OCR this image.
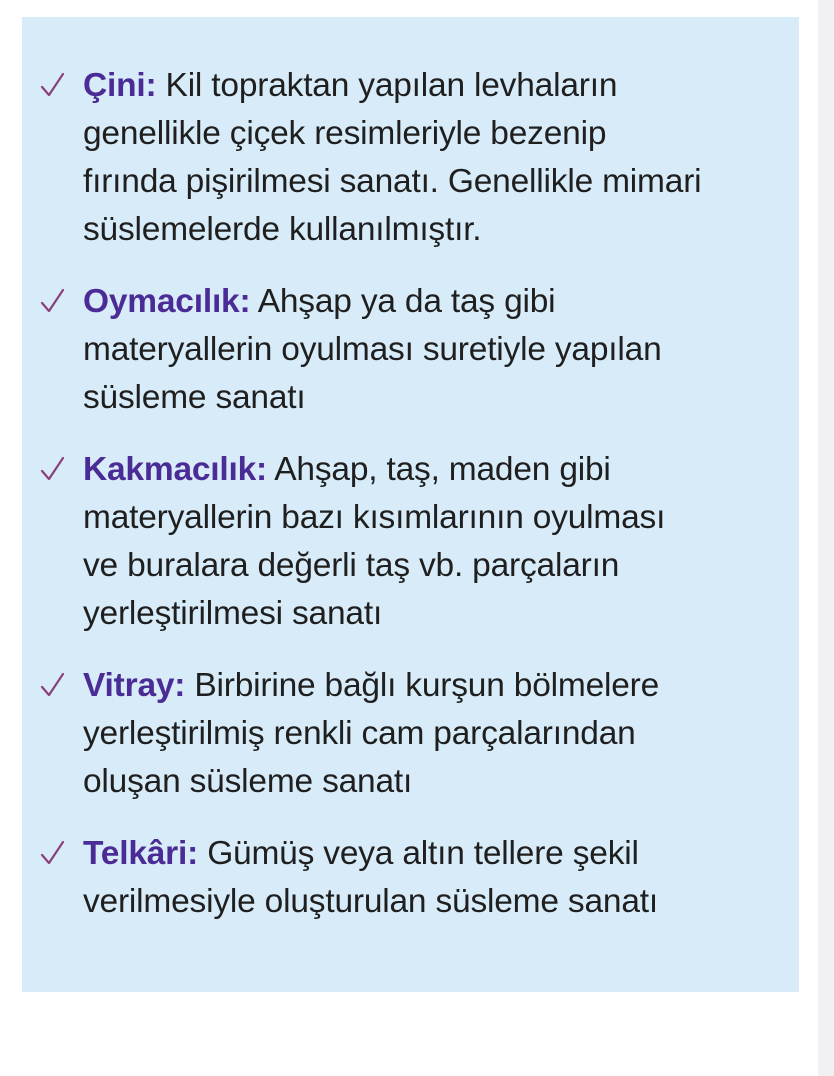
Çini: Kil topraktan yapılan levhaların
genellikle çiçek resimleriyle bezenip
fırında pişirilmesi sanatı. Genellikle mimari
süslemelerde kullanılmıştır.
Oymacılık: Ahşap ya da taş gibi
materyallerin oyulması suretiyle yapılan
süsleme sanatı
Kakmacılık: Ahşap, taş, maden gibi
materyallerin bazı kısımlarının oyulması
ve buralara değerli taş vb. parçaların
yerleştirilmesi sanatı
Vitray: Birbirine bağlı kurşun bölmelere
yerleştirilmiş renkli cam parçalarından
oluşan süsleme sanatı
Telkâri: Gümüş veya altın tellere şekil
verilmesiyle oluşturulan süsleme sanatı
